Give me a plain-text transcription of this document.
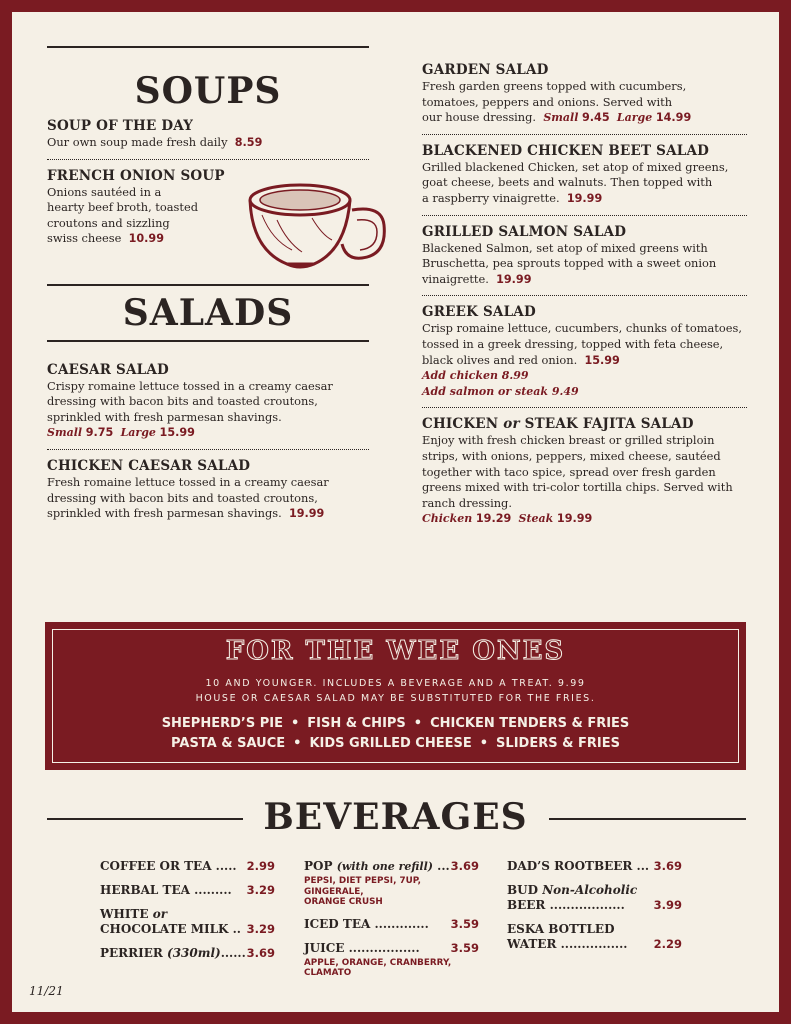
SOUPS
SOUP OF THE DAY
Our own soup made fresh daily 8.59
FRENCH ONION SOUP
Onions sautéed in a
hearty beef broth, toasted
croutons and sizzling
swiss cheese 10.99
SALADS
CAESAR SALAD
Crispy romaine lettuce tossed in a creamy caesar
dressing with bacon bits and toasted croutons,
sprinkled with fresh parmesan shavings.
Small 9.75 Large 15.99
CHICKEN CAESAR SALAD
Fresh romaine lettuce tossed in a creamy caesar
dressing with bacon bits and toasted croutons,
sprinkled with fresh parmesan shavings. 19.99
GARDEN SALAD
Fresh garden greens topped with cucumbers,
tomatoes, peppers and onions. Served with
our house dressing. Small 9.45 Large 14.99
BLACKENED CHICKEN BEET SALAD
Grilled blackened Chicken, set atop of mixed greens,
goat cheese, beets and walnuts. Then topped with
a raspberry vinaigrette. 19.99
GRILLED SALMON SALAD
Blackened Salmon, set atop of mixed greens with
Bruschetta, pea sprouts topped with a sweet onion
vinaigrette. 19.99
GREEK SALAD
Crisp romaine lettuce, cucumbers, chunks of tomatoes,
tossed in a greek dressing, topped with feta cheese,
black olives and red onion. 15.99
Add chicken 8.99
Add salmon or steak 9.49
CHICKEN or STEAK FAJITA SALAD
Enjoy with fresh chicken breast or grilled striploin
strips, with onions, peppers, mixed cheese, sautéed
together with taco spice, spread over fresh garden
greens mixed with tri-color tortilla chips. Served with
ranch dressing.
Chicken 19.29 Steak 19.99
FOR THE WEE ONES
10 AND YOUNGER. INCLUDES A BEVERAGE AND A TREAT. 9.99
HOUSE OR CAESAR SALAD MAY BE SUBSTITUTED FOR THE FRIES.
SHEPHERD’S PIE • FISH & CHIPS • CHICKEN TENDERS & FRIES
PASTA & SAUCE • KIDS GRILLED CHEESE • SLIDERS & FRIES
BEVERAGES
COFFEE OR TEA ..... 2.99
HERBAL TEA ......... 3.29
WHITE or
CHOCOLATE MILK .. 3.29
PERRIER (330ml)...... 3.69
POP (with one refill) ... 3.69
PEPSI, DIET PEPSI, 7UP, GINGERALE,
ORANGE CRUSH
ICED TEA ............. 3.59
JUICE .................	3.59
APPLE, ORANGE, CRANBERRY,
CLAMATO
DAD’S ROOTBEER ... 3.69
BUD Non-Alcoholic
BEER ..................	3.99
ESKA BOTTLED
WATER ................ 2.29
11/21
